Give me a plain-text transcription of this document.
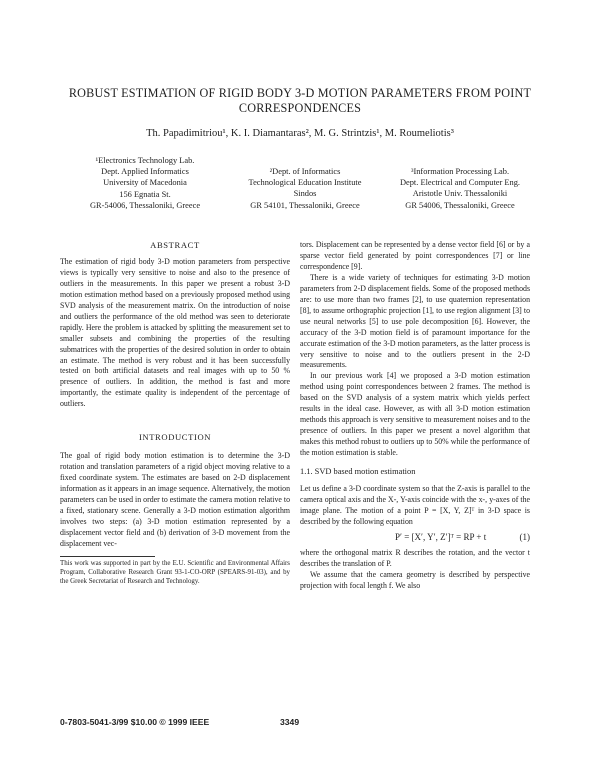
ROBUST ESTIMATION OF RIGID BODY 3-D MOTION PARAMETERS FROM POINT CORRESPONDENCES
Th. Papadimitriou¹, K. I. Diamantaras², M. G. Strintzis¹, M. Roumeliotis³
¹Electronics Technology Lab.
Dept. Applied Informatics
University of Macedonia
156 Egnatia St.
GR-54006, Thessaloniki, Greece
²Dept. of Informatics
Technological Education Institute
Sindos
GR 54101, Thessaloniki, Greece
³Information Processing Lab.
Dept. Electrical and Computer Eng.
Aristotle Univ. Thessaloniki
GR 54006, Thessaloniki, Greece

ABSTRACT

The estimation of rigid body 3-D motion parameters from perspective views is typically very sensitive to noise and also to the presence of outliers in the measurements. In this paper we present a robust 3-D motion estimation method based on a previously proposed method using SVD analysis of the measurement matrix. On the introduction of noise and outliers the performance of the old method was seen to deteriorate rapidly. Here the problem is attacked by splitting the measurement set to smaller subsets and combining the properties of the resulting submatrices with the properties of the desired solution in order to obtain an estimate. The method is very robust and it has been successfully tested on both artificial datasets and real images with up to 50 % presence of outliers. In addition, the method is fast and more importantly, the estimate quality is independent of the percentage of outliers.

INTRODUCTION

The goal of rigid body motion estimation is to determine the 3-D rotation and translation parameters of a rigid object moving relative to a fixed coordinate system. The estimates are based on 2-D displacement information as it appears in an image sequence. Alternatively, the motion parameters can be used in order to estimate the camera motion relative to a fixed, stationary scene. Generally a 3-D motion estimation algorithm involves two steps: (a) 3-D motion estimation represented by a displacement vector field and (b) derivation of 3-D movement from the displacement vec-

This work was supported in part by the E.U. Scientific and Environmental Affairs Program, Collaborative Research Grant 93-1-CO-ORP (SPEARS-91-03), and by the Greek Secretariat of Research and Technology.

tors. Displacement can be represented by a dense vector field [6] or by a sparse vector field generated by point correspondences [7] or line correspondence [9].

There is a wide variety of techniques for estimating 3-D motion parameters from 2-D displacement fields. Some of the proposed methods are: to use more than two frames [2], to use quaternion representation [8], to assume orthographic projection [1], to use region alignment [3] to use neural networks [5] to use pole decomposition [6]. However, the accuracy of the 3-D motion field is of paramount importance for the accurate estimation of the 3-D motion parameters, as the latter process is very sensitive to noise and to the outliers present in the 2-D measurements.

In our previous work [4] we proposed a 3-D motion estimation method using point correspondences between 2 frames. The method is based on the SVD analysis of a system matrix which yields perfect results in the ideal case. However, as with all 3-D motion estimation methods this approach is very sensitive to measurement noises and to the presence of outliers. In this paper we present a novel algorithm that makes this method robust to outliers up to 50% while the performance of the motion estimation is stable.

1.1. SVD based motion estimation

Let us define a 3-D coordinate system so that the Z-axis is parallel to the camera optical axis and the X-, Y-axis coincide with the x-, y-axes of the image plane. The motion of a point P = [X, Y, Z]ᵀ in 3-D space is described by the following equation

P′ = [X′, Y′, Z′]ᵀ = RP + t	(1)

where the orthogonal matrix R describes the rotation, and the vector t describes the translation of P.

We assume that the camera geometry is described by perspective projection with focal length f. We also

0-7803-5041-3/99 $10.00 © 1999 IEEE	3349
